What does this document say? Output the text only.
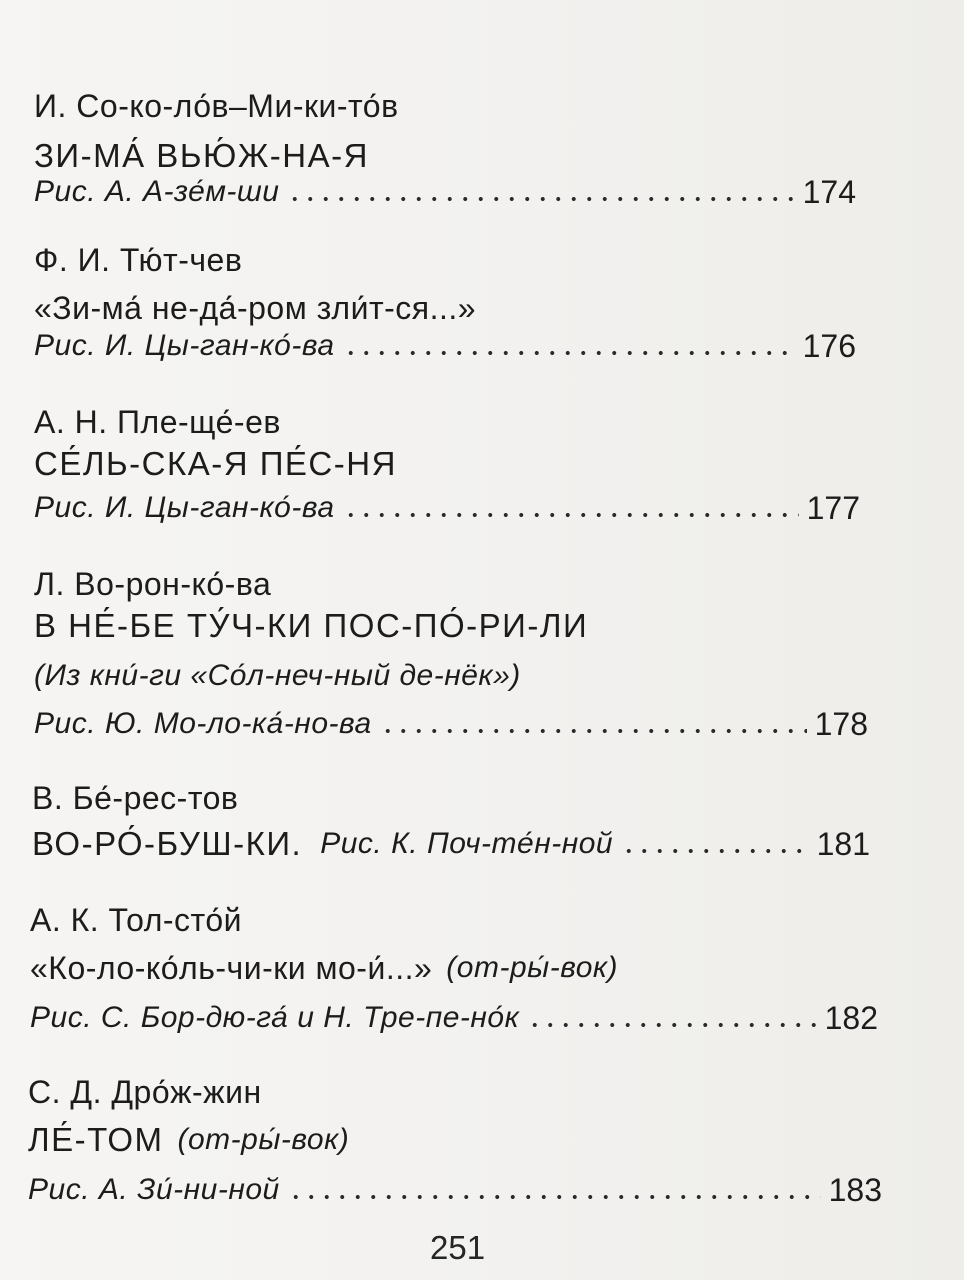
И. Со-ко-ло́в–Ми-ки-то́в
ЗИ-МА́ ВЬЮ́Ж-НА-Я
Рис. А. А-зе́м-ши	174
Ф. И. Тю́т-чев
«Зи-ма́ не-да́-ром зли́т-ся...»
Рис. И. Цы-ган-ко́-ва	176
А. Н. Пле-ще́-ев
СЕ́ЛЬ-СКА-Я ПЕ́С-НЯ
Рис. И. Цы-ган-ко́-ва	177
Л. Во-рон-ко́-ва
В НЕ́-БЕ ТУ́Ч-КИ ПОС-ПО́-РИ-ЛИ
(Из кни́-ги «Со́л-неч-ный де-нёк»)
Рис. Ю. Мо-ло-ка́-но-ва	178
В. Бе́-рес-тов
ВО-РО́-БУШ-КИ. Рис. К. Поч-те́н-ной	181
А. К. Тол-сто́й
«Ко-ло-ко́ль-чи-ки мо-и́...» (от-ры́-вок)
Рис. С. Бор-дю-га́ и Н. Тре-пе-но́к	182
С. Д. Дро́ж-жин
ЛЕ́-ТОМ (от-ры́-вок)
Рис. А. Зи́-ни-ной	183
251
